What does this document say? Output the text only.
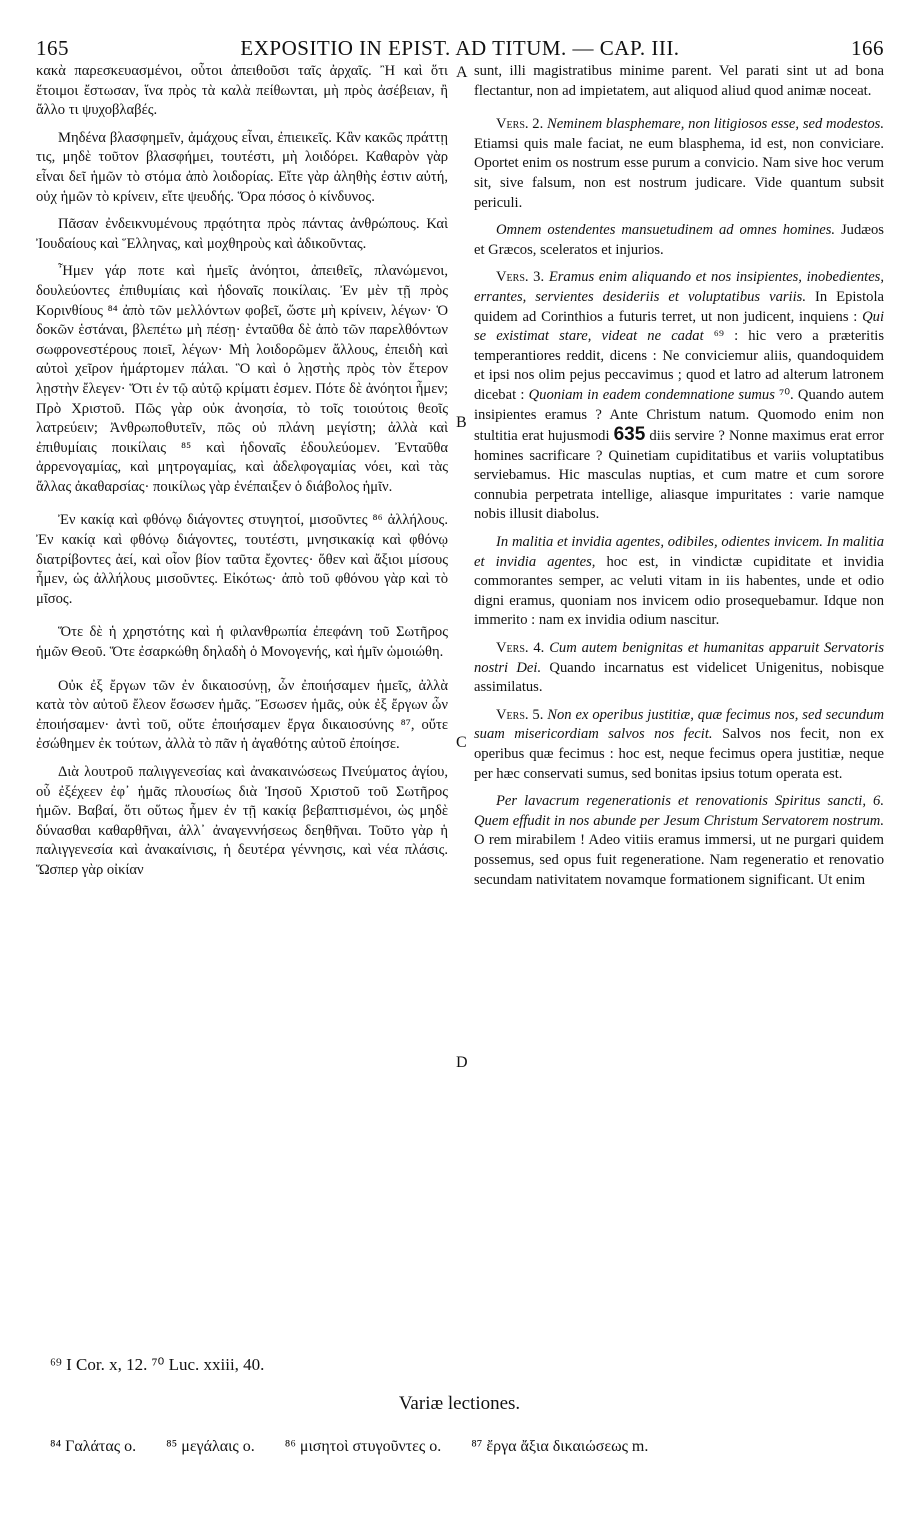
165	EXPOSITIO IN EPIST. AD TITUM. — CAP. III.	166
A
B
C
D

κακὰ παρεσκευασμένοι, οὗτοι ἀπειθοῦσι ταῖς ἀρχαῖς. Ἢ καὶ ὅτι ἕτοιμοι ἔστωσαν, ἵνα πρὸς τὰ καλὰ πείθωνται, μὴ πρὸς ἀσέβειαν, ἢ ἄλλο τι ψυχοβλαβές.

Μηδένα βλασφημεῖν, ἀμάχους εἶναι, ἐπιεικεῖς. Κἂν κακῶς πράττῃ τις, μηδὲ τοῦτον βλασφήμει, τουτέστι, μὴ λοιδόρει. Καθαρὸν γὰρ εἶναι δεῖ ἡμῶν τὸ στόμα ἀπὸ λοιδορίας. Εἴτε γὰρ ἀληθὴς ἐστιν αὐτή, οὐχ ἡμῶν τὸ κρίνειν, εἴτε ψευδής. Ὅρα πόσος ὁ κίνδυνος.

Πᾶσαν ἐνδεικνυμένους πρᾳότητα πρὸς πάντας ἀνθρώπους. Καὶ Ἰουδαίους καὶ Ἕλληνας, καὶ μοχθηροὺς καὶ ἀδικοῦντας.

Ἦμεν γάρ ποτε καὶ ἡμεῖς ἀνόητοι, ἀπειθεῖς, πλανώμενοι, δουλεύοντες ἐπιθυμίαις καὶ ἡδοναῖς ποικίλαις. Ἐν μὲν τῇ πρὸς Κορινθίους ⁸⁴ ἀπὸ τῶν μελλόντων φοβεῖ, ὥστε μὴ κρίνειν, λέγων· Ὁ δοκῶν ἑστάναι, βλεπέτω μὴ πέσῃ· ἐνταῦθα δὲ ἀπὸ τῶν παρελθόντων σωφρονεστέρους ποιεῖ, λέγων· Μὴ λοιδορῶμεν ἄλλους, ἐπειδὴ καὶ αὐτοὶ χεῖρον ἡμάρτομεν πάλαι. Ὃ καὶ ὁ λῃστὴς πρὸς τὸν ἕτερον λῃστὴν ἔλεγεν· Ὅτι ἐν τῷ αὐτῷ κρίματι ἐσμεν. Πότε δὲ ἀνόητοι ἦμεν; Πρὸ Χριστοῦ. Πῶς γὰρ οὐκ ἀνοησία, τὸ τοῖς τοιούτοις θεοῖς λατρεύειν; Ἀνθρωποθυτεῖν, πῶς οὐ πλάνη μεγίστη; ἀλλὰ καὶ ἐπιθυμίαις ποικίλαις ⁸⁵ καὶ ἡδοναῖς ἐδουλεύομεν. Ἐνταῦθα ἀρρενογαμίας, καὶ μητρογαμίας, καὶ ἀδελφογαμίας νόει, καὶ τὰς ἄλλας ἀκαθαρσίας· ποικίλως γὰρ ἐνέπαιξεν ὁ διάβολος ἡμῖν.

Ἐν κακίᾳ καὶ φθόνῳ διάγοντες στυγητοί, μισοῦντες ⁸⁶ ἀλλήλους. Ἐν κακίᾳ καὶ φθόνῳ διάγοντες, τουτέστι, μνησικακίᾳ καὶ φθόνῳ διατρίβοντες ἀεί, καὶ οἷον βίον ταῦτα ἔχοντες· ὅθεν καὶ ἄξιοι μίσους ἦμεν, ὡς ἀλλήλους μισοῦντες. Εἰκότως· ἀπὸ τοῦ φθόνου γὰρ καὶ τὸ μῖσος.

Ὅτε δὲ ἡ χρηστότης καὶ ἡ φιλανθρωπία ἐπεφάνη τοῦ Σωτῆρος ἡμῶν Θεοῦ. Ὅτε ἐσαρκώθη δηλαδὴ ὁ Μονογενής, καὶ ἡμῖν ὡμοιώθη.

Οὐκ ἐξ ἔργων τῶν ἐν δικαιοσύνῃ, ὧν ἐποιήσαμεν ἡμεῖς, ἀλλὰ κατὰ τὸν αὐτοῦ ἔλεον ἔσωσεν ἡμᾶς. Ἔσωσεν ἡμᾶς, οὐκ ἐξ ἔργων ὧν ἐποιήσαμεν· ἀντὶ τοῦ, οὔτε ἐποιήσαμεν ἔργα δικαιοσύνης ⁸⁷, οὔτε ἐσώθημεν ἐκ τούτων, ἀλλὰ τὸ πᾶν ἡ ἀγαθότης αὐτοῦ ἐποίησε.

Διὰ λουτροῦ παλιγγενεσίας καὶ ἀνακαινώσεως Πνεύματος ἁγίου, οὗ ἐξέχεεν ἐφ᾽ ἡμᾶς πλουσίως διὰ Ἰησοῦ Χριστοῦ τοῦ Σωτῆρος ἡμῶν. Βαβαί, ὅτι οὕτως ἦμεν ἐν τῇ κακίᾳ βεβαπτισμένοι, ὡς μηδὲ δύνασθαι καθαρθῆναι, ἀλλ᾽ ἀναγεννήσεως δεηθῆναι. Τοῦτο γὰρ ἡ παλιγγενεσία καὶ ἀνακαίνισις, ἡ δευτέρα γέννησις, καὶ νέα πλάσις. Ὥσπερ γὰρ οἰκίαν

sunt, illi magistratibus minime parent. Vel parati sint ut ad bona flectantur, non ad impietatem, aut aliquod aliud quod animæ noceat.

Vers. 2. Neminem blasphemare, non litigiosos esse, sed modestos. Etiamsi quis male faciat, ne eum blasphema, id est, non conviciare. Oportet enim os nostrum esse purum a convicio. Nam sive hoc verum sit, sive falsum, non est nostrum judicare. Vide quantum subsit periculi.

Omnem ostendentes mansuetudinem ad omnes homines. Judæos et Græcos, sceleratos et injurios.

Vers. 3. Eramus enim aliquando et nos insipientes, inobedientes, errantes, servientes desideriis et voluptatibus variis. In Epistola quidem ad Corinthios a futuris terret, ut non judicent, inquiens : Qui se existimat stare, videat ne cadat ⁶⁹ : hic vero a præteritis temperantiores reddit, dicens : Ne conviciemur aliis, quandoquidem et ipsi nos olim pejus peccavimus ; quod et latro ad alterum latronem dicebat : Quoniam in eadem condemnatione sumus ⁷⁰. Quando autem insipientes eramus ? Ante Christum natum. Quomodo enim non stultitia erat hujusmodi 635 diis servire ? Nonne maximus erat error homines sacrificare ? Quinetiam cupiditatibus et variis voluptatibus serviebamus. Hic masculas nuptias, et cum matre et cum sorore connubia perpetrata intellige, aliasque impuritates : varie namque nobis illusit diabolus.

In malitia et invidia agentes, odibiles, odientes invicem. In malitia et invidia agentes, hoc est, in vindictæ cupiditate et invidia commorantes semper, ac veluti vitam in iis habentes, unde et odio digni eramus, quoniam nos invicem odio prosequebamur. Idque non immerito : nam ex invidia odium nascitur.

Vers. 4. Cum autem benignitas et humanitas apparuit Servatoris nostri Dei. Quando incarnatus est videlicet Unigenitus, nobisque assimilatus.

Vers. 5. Non ex operibus justitiæ, quæ fecimus nos, sed secundum suam misericordiam salvos nos fecit. Salvos nos fecit, non ex operibus quæ fecimus : hoc est, neque fecimus opera justitiæ, neque per hæc conservati sumus, sed bonitas ipsius totum operata est.

Per lavacrum regenerationis et renovationis Spiritus sancti, 6. Quem effudit in nos abunde per Jesum Christum Servatorem nostrum. O rem mirabilem ! Adeo vitiis eramus immersi, ut ne purgari quidem possemus, sed opus fuit regeneratione. Nam regeneratio et renovatio secundam nativitatem novamque formationem significant. Ut enim

⁶⁹ I Cor. x, 12. ⁷⁰ Luc. xxiii, 40.
Variæ lectiones.
⁸⁴ Γαλάτας o. ⁸⁵ μεγάλαις o. ⁸⁶ μισητοὶ στυγοῦντες o. ⁸⁷ ἔργα ἄξια δικαιώσεως m.
